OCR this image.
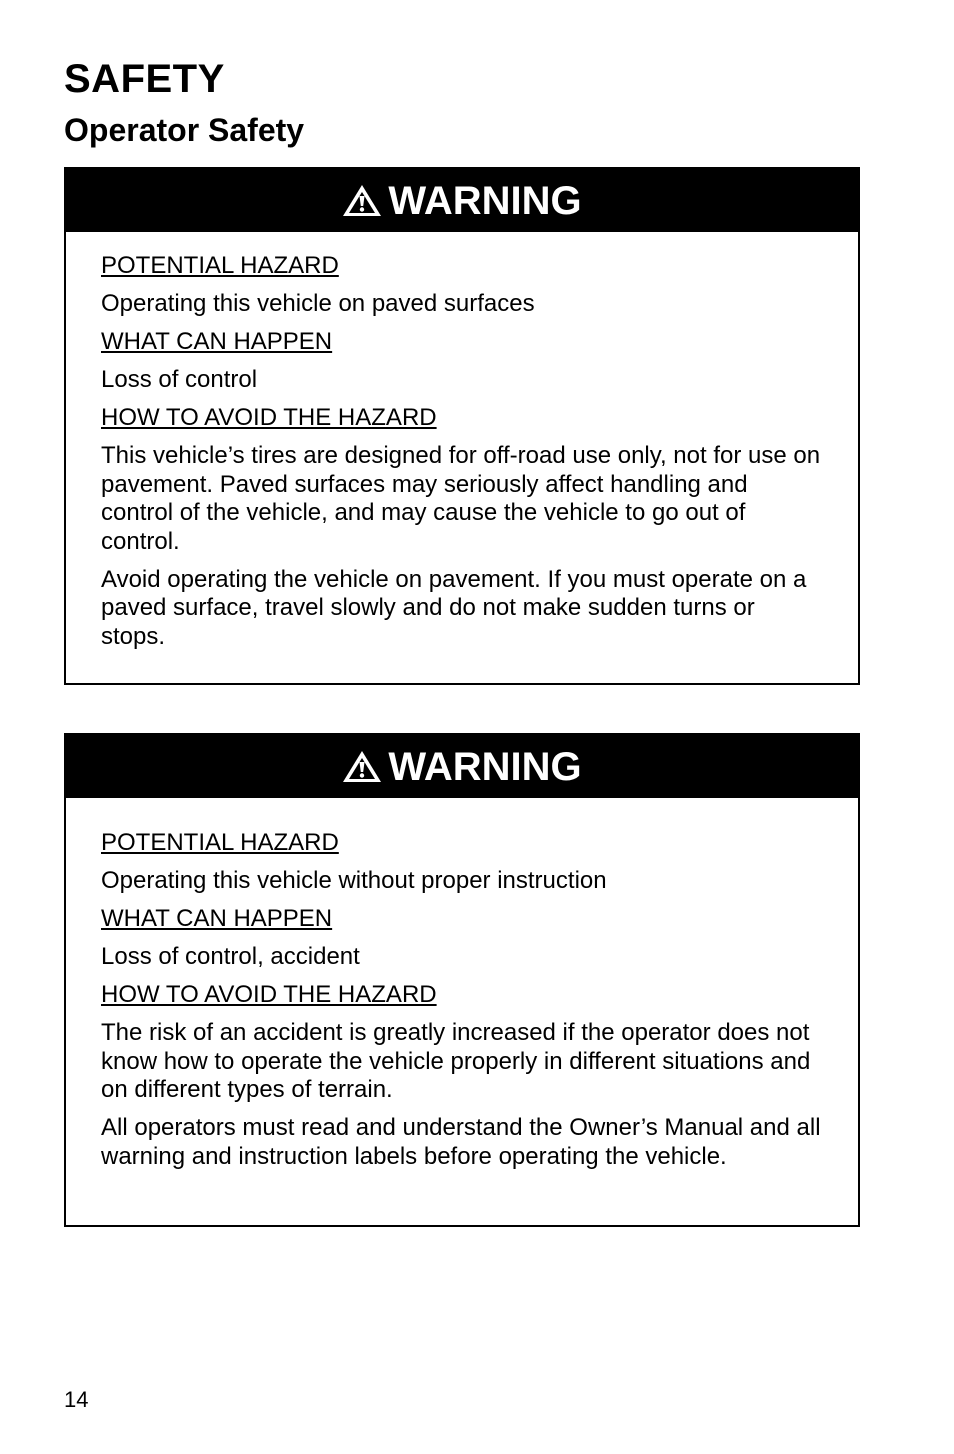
SAFETY
Operator Safety
WARNING

POTENTIAL HAZARD

Operating this vehicle on paved surfaces

WHAT CAN HAPPEN

Loss of control

HOW TO AVOID THE HAZARD

This vehicle’s tires are designed for off-road use only, not for use on pavement. Paved surfaces may seriously affect handling and control of the vehicle, and may cause the vehicle to go out of control.

Avoid operating the vehicle on pavement. If you must operate on a paved surface, travel slowly and do not make sudden turns or stops.

WARNING

POTENTIAL HAZARD

Operating this vehicle without proper instruction

WHAT CAN HAPPEN

Loss of control, accident

HOW TO AVOID THE HAZARD

The risk of an accident is greatly increased if the operator does not know how to operate the vehicle properly in different situations and on different types of terrain.

All operators must read and understand the Owner’s Manual and all warning and instruction labels before operating the vehicle.

14
